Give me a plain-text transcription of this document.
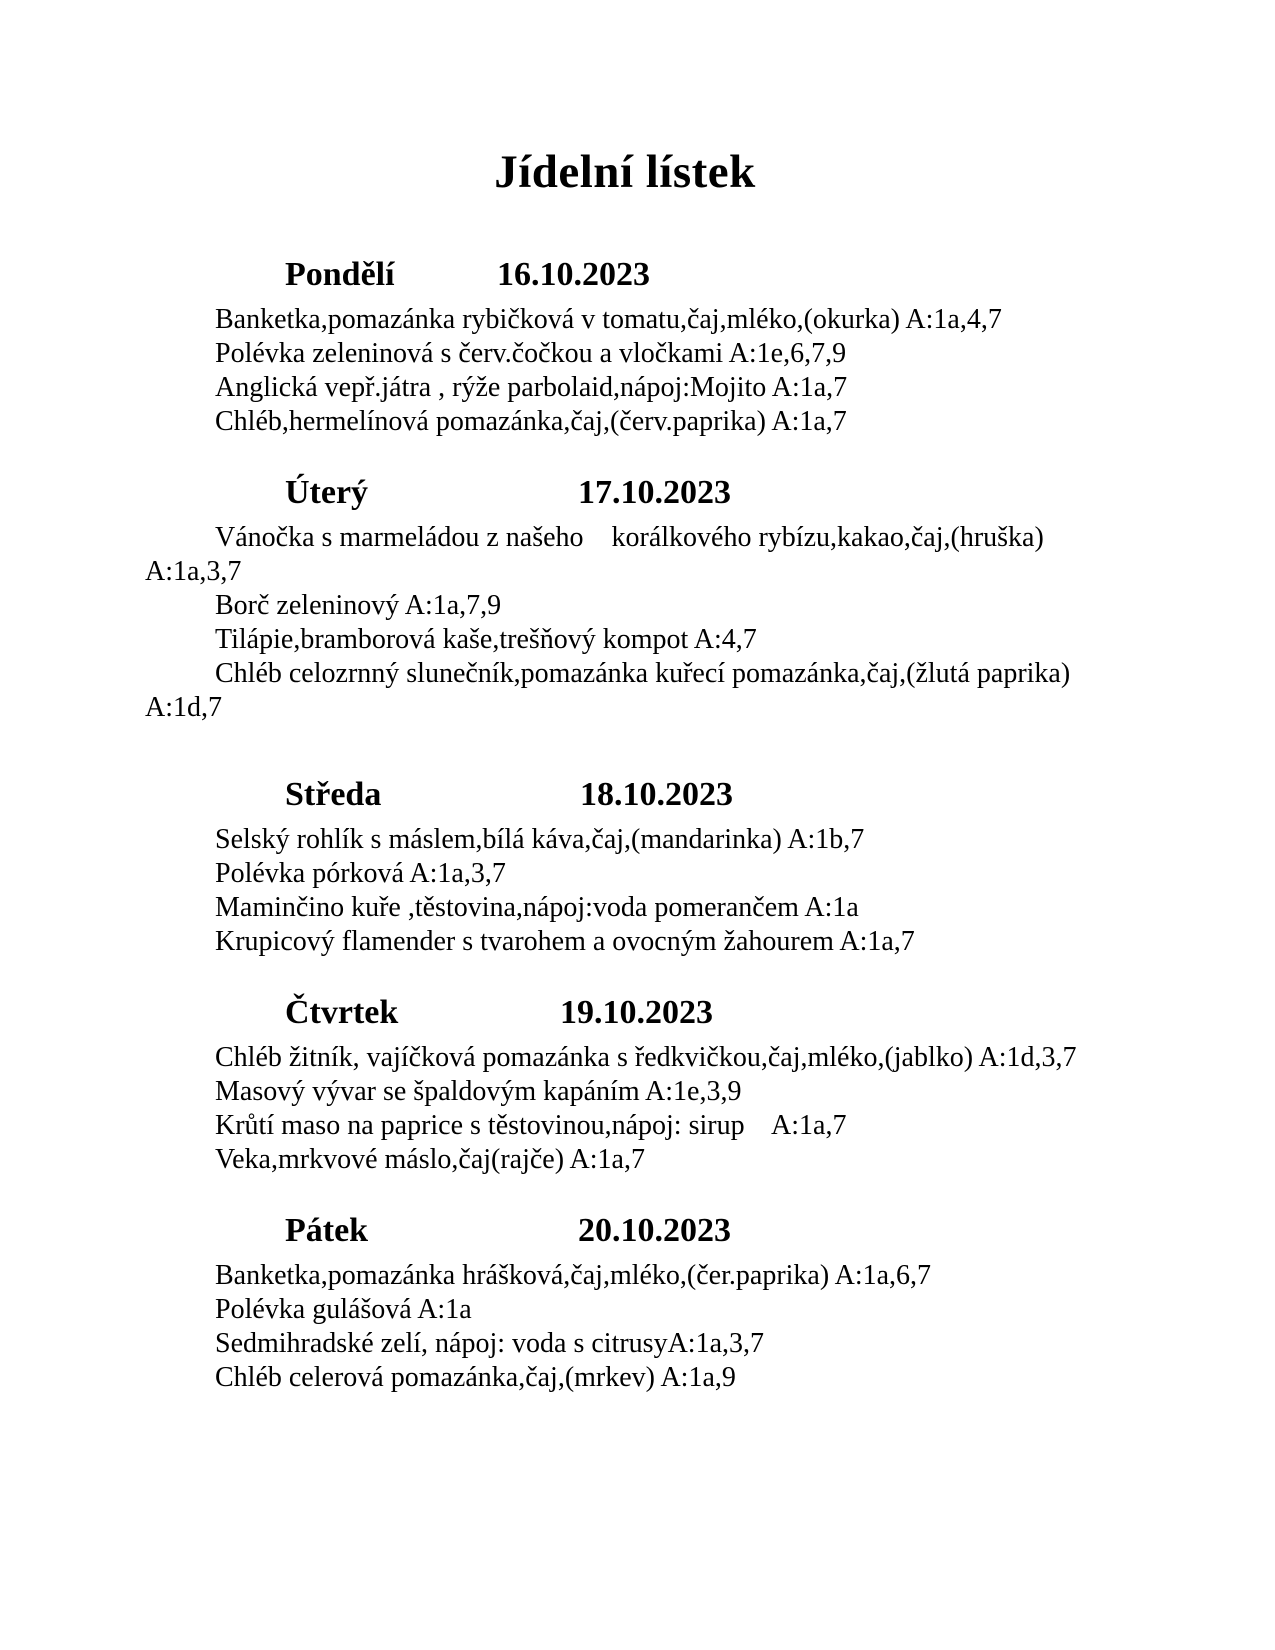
Jídelní lístek
Pondělí	16.10.2023

Banketka,pomazánka rybičková v tomatu,čaj,mléko,(okurka) A:1a,4,7

Polévka zeleninová s červ.čočkou a vločkami A:1e,6,7,9

Anglická vepř.játra , rýže parbolaid,nápoj:Mojito A:1a,7

Chléb,hermelínová pomazánka,čaj,(červ.paprika) A:1a,7

Úterý	17.10.2023

Vánočka s marmeládou z našeho    korálkového rybízu,kakao,čaj,(hruška)

A:1a,3,7

Borč zeleninový A:1a,7,9

Tilápie,bramborová kaše,trešňový kompot A:4,7

Chléb celozrnný slunečník,pomazánka kuřecí pomazánka,čaj,(žlutá paprika)

A:1d,7

Středa	18.10.2023

Selský rohlík s máslem,bílá káva,čaj,(mandarinka) A:1b,7

Polévka pórková A:1a,3,7

Maminčino kuře ,těstovina,nápoj:voda pomerančem A:1a

Krupicový flamender s tvarohem a ovocným žahourem A:1a,7

Čtvrtek	19.10.2023

Chléb žitník, vajíčková pomazánka s ředkvičkou,čaj,mléko,(jablko) A:1d,3,7

Masový vývar se špaldovým kapáním A:1e,3,9

Krůtí maso na paprice s těstovinou,nápoj: sirup    A:1a,7

Veka,mrkvové máslo,čaj(rajče) A:1a,7

Pátek	20.10.2023

Banketka,pomazánka hrášková,čaj,mléko,(čer.paprika) A:1a,6,7

Polévka gulášová A:1a

Sedmihradské zelí, nápoj: voda s citrusyA:1a,3,7

Chléb celerová pomazánka,čaj,(mrkev) A:1a,9
